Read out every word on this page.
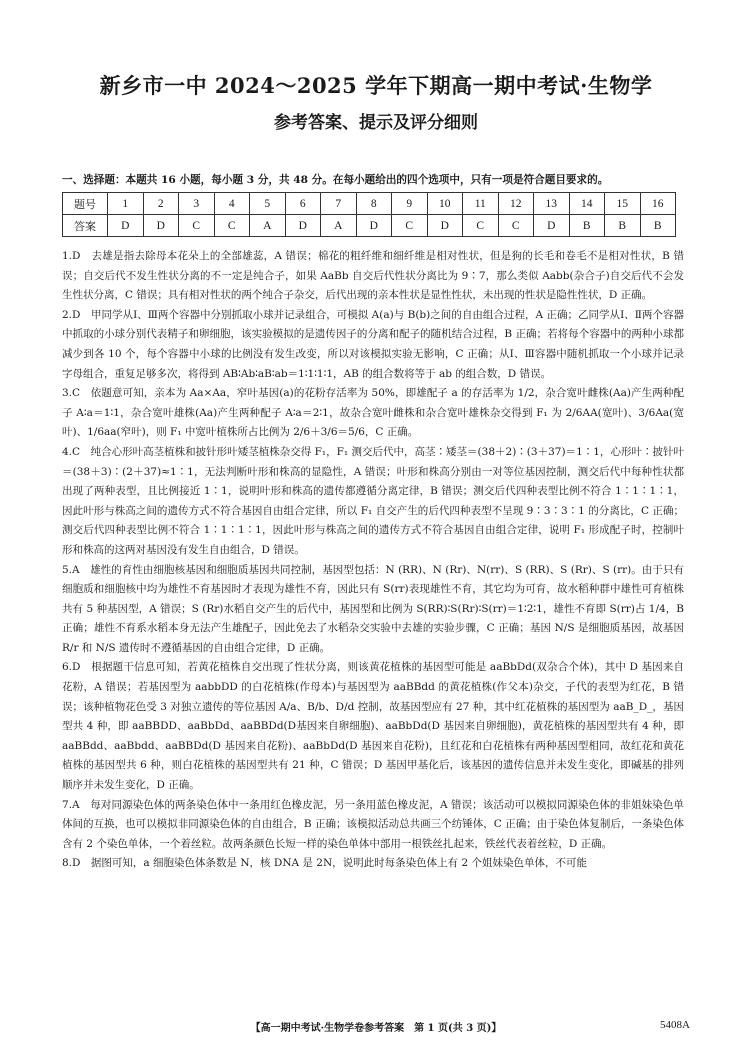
新乡市一中 2024～2025 学年下期高一期中考试·生物学
参考答案、提示及评分细则
一、选择题：本题共 16 小题，每小题 3 分，共 48 分。在每小题给出的四个选项中，只有一项是符合题目要求的。
题号	1	2	3	4	5	6	7	8	9	10	11	12	13	14	15	16
答案	D	D	C	C	A	D	A	D	C	D	C	C	D	B	B	B

1.D　去雄是指去除母本花朵上的全部雄蕊，A 错误；棉花的粗纤维和细纤维是相对性状，但是狗的长毛和卷毛不是相对性状，B 错误；自交后代不发生性状分离的不一定是纯合子，如果 AaBb 自交后代性状分离比为 9∶7，那么类似 Aabb(杂合子)自交后代不会发生性状分离，C 错误；具有相对性状的两个纯合子杂交，后代出现的亲本性状是显性性状，未出现的性状是隐性性状，D 正确。

2.D　甲同学从Ⅰ、Ⅲ两个容器中分别抓取小球并记录组合，可模拟 A(a)与 B(b)之间的自由组合过程，A 正确；乙同学从Ⅰ、Ⅱ两个容器中抓取的小球分别代表精子和卵细胞，该实验模拟的是遗传因子的分离和配子的随机结合过程，B 正确；若将每个容器中的两种小球都减少到各 10 个，每个容器中小球的比例没有发生改变，所以对该模拟实验无影响，C 正确；从Ⅰ、Ⅲ容器中随机抓取一个小球并记录字母组合，重复足够多次，将得到 AB∶Ab∶aB∶ab＝1∶1∶1∶1，AB 的组合数将等于 ab 的组合数，D 错误。

3.C　依题意可知，亲本为 Aa×Aa，窄叶基因(a)的花粉存活率为 50%，即雄配子 a 的存活率为 1/2，杂合宽叶雌株(Aa)产生两种配子 A∶a＝1∶1，杂合宽叶雄株(Aa)产生两种配子 A∶a＝2∶1，故杂合宽叶雌株和杂合宽叶雄株杂交得到 F₁ 为 2/6AA(宽叶)、3/6Aa(宽叶)、1/6aa(窄叶)，则 F₁ 中宽叶植株所占比例为 2/6＋3/6＝5/6，C 正确。

4.C　纯合心形叶高茎植株和披针形叶矮茎植株杂交得 F₁，F₁ 测交后代中，高茎∶矮茎＝(38＋2)∶(3＋37)＝1∶1，心形叶∶披针叶＝(38＋3)∶(2＋37)≈1∶1，无法判断叶形和株高的显隐性，A 错误；叶形和株高分别由一对等位基因控制，测交后代中每种性状都出现了两种表型，且比例接近 1∶1，说明叶形和株高的遗传都遵循分离定律，B 错误；测交后代四种表型比例不符合 1∶1∶1∶1，因此叶形与株高之间的遗传方式不符合基因自由组合定律，所以 F₁ 自交产生的后代四种表型不呈现 9∶3∶3∶1 的分离比，C 正确；测交后代四种表型比例不符合 1∶1∶1∶1，因此叶形与株高之间的遗传方式不符合基因自由组合定律，说明 F₁ 形成配子时，控制叶形和株高的这两对基因没有发生自由组合，D 错误。

5.A　雄性的育性由细胞核基因和细胞质基因共同控制，基因型包括：N (RR)、N (Rr)、N(rr)、S (RR)、S (Rr)、S (rr)。由于只有细胞质和细胞核中均为雄性不育基因时才表现为雄性不育，因此只有 S(rr)表现雄性不育，其它均为可育，故水稻种群中雄性可育植株共有 5 种基因型，A 错误；S (Rr)水稻自交产生的后代中，基因型和比例为 S(RR)∶S(Rr)∶S(rr)＝1∶2∶1，雄性不育即 S(rr)占 1/4，B 正确；雄性不育系水稻本身无法产生雄配子，因此免去了水稻杂交实验中去雄的实验步骤，C 正确；基因 N/S 是细胞质基因，故基因 R/r 和 N/S 遗传时不遵循基因的自由组合定律，D 正确。

6.D　根据题干信息可知，若黄花植株自交出现了性状分离，则该黄花植株的基因型可能是 aaBbDd(双杂合个体)，其中 D 基因来自花粉，A 错误；若基因型为 aabbDD 的白花植株(作母本)与基因型为 aaBBdd 的黄花植株(作父本)杂交，子代的表型为红花，B 错误；该种植物花色受 3 对独立遗传的等位基因 A/a、B/b、D/d 控制，故基因型应有 27 种，其中红花植株的基因型为 aaB_D_，基因型共 4 种，即 aaBBDD、aaBbDd、aaBBDd(D基因来自卵细胞)、aaBbDd(D 基因来自卵细胞)，黄花植株的基因型共有 4 种，即 aaBBdd、aaBbdd、aaBBDd(D 基因来自花粉)、aaBbDd(D 基因来自花粉)，且红花和白花植株有两种基因型相同，故红花和黄花植株的基因型共 6 种，则白花植株的基因型共有 21 种，C 错误；D 基因甲基化后，该基因的遗传信息并未发生变化，即碱基的排列顺序并未发生变化，D 正确。

7.A　每对同源染色体的两条染色体中一条用红色橡皮泥，另一条用蓝色橡皮泥，A 错误；该活动可以模拟同源染色体的非姐妹染色单体间的互换，也可以模拟非同源染色体的自由组合，B 正确；该模拟活动总共画三个纺锤体，C 正确；由于染色体复制后，一条染色体含有 2 个染色单体，一个着丝粒。故两条颜色长短一样的染色单体中部用一根铁丝扎起来，铁丝代表着丝粒，D 正确。

8.D　据图可知，a 细胞染色体条数是 N，核 DNA 是 2N，说明此时每条染色体上有 2 个姐妹染色单体，不可能

【高一期中考试·生物学卷参考答案　第 1 页(共 3 页)】	5408A
